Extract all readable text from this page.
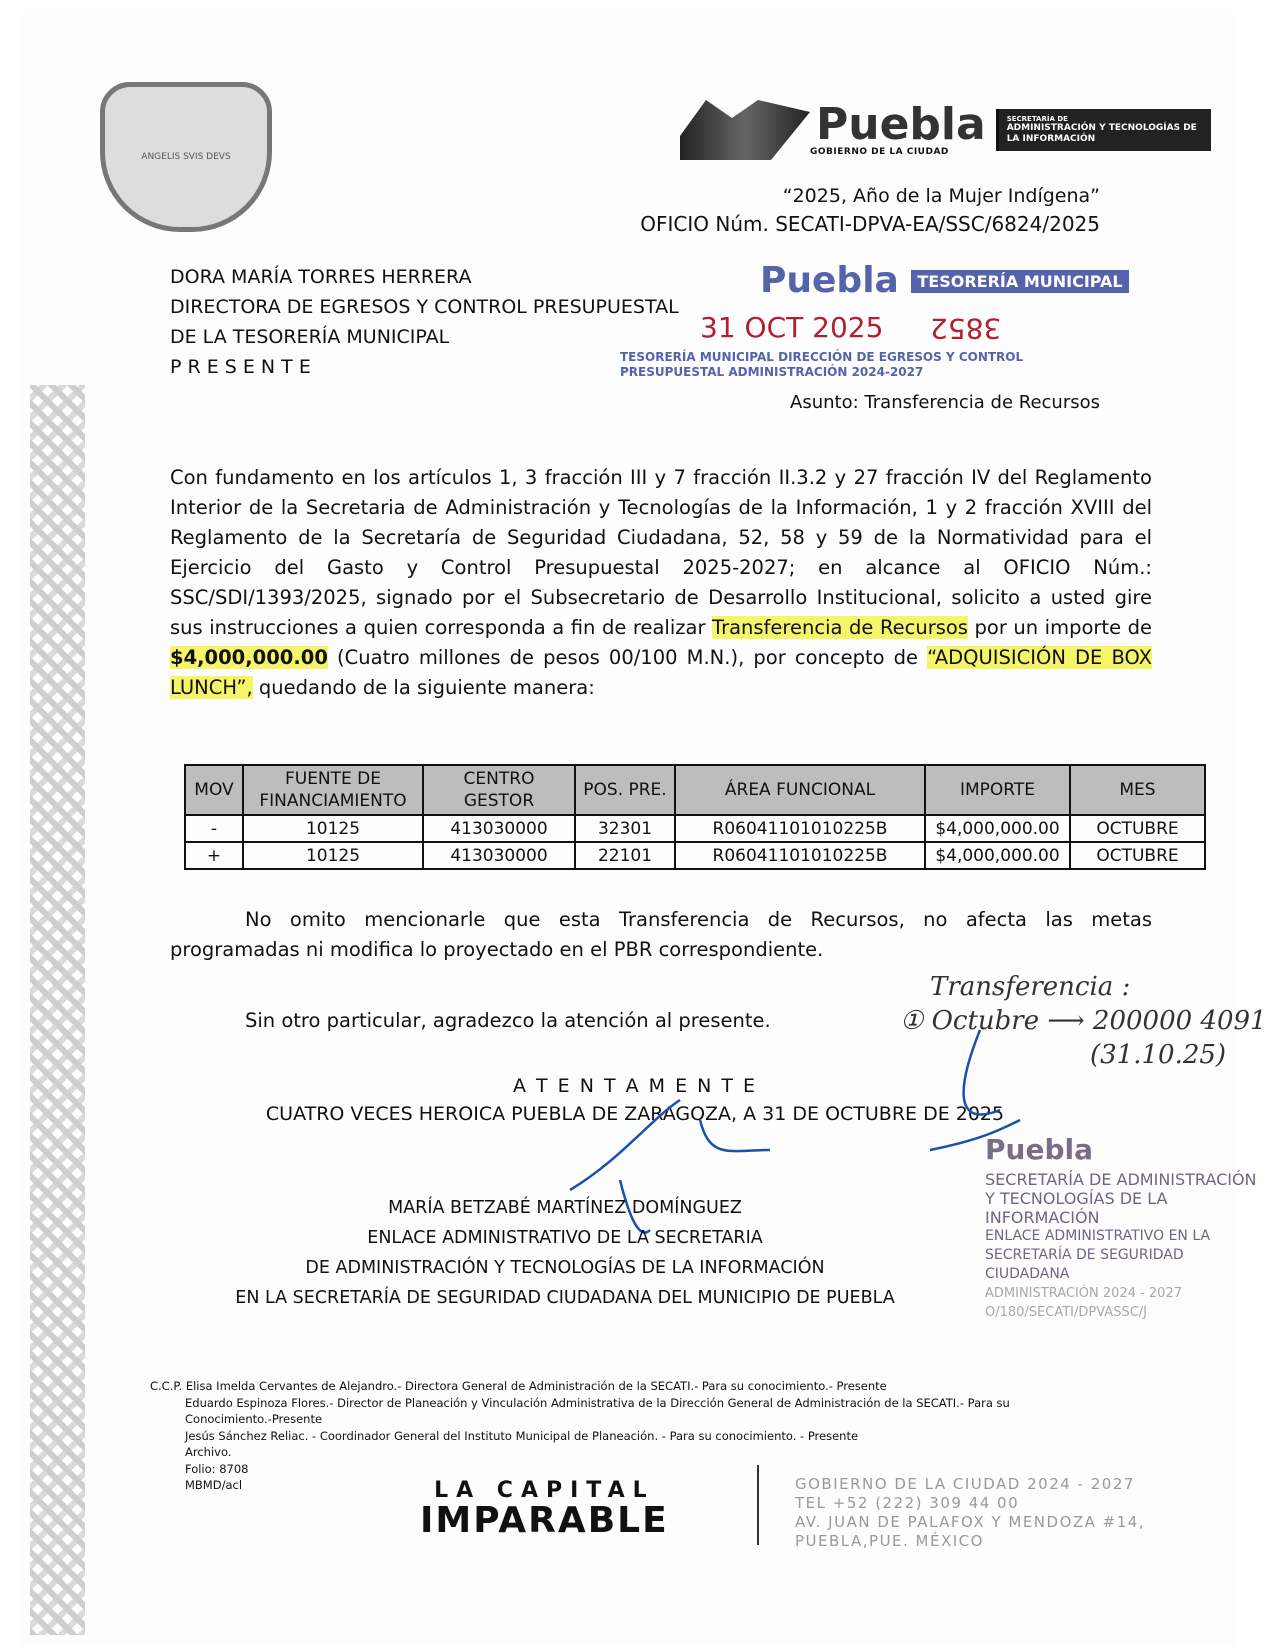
ANGELIS SVIS DEVS
Puebla
GOBIERNO DE LA CIUDAD
SECRETARÍA DE
ADMINISTRACIÓN Y TECNOLOGÍAS DE LA INFORMACIÓN
“2025, Año de la Mujer Indígena”
OFICIO Núm. SECATI-DPVA-EA/SSC/6824/2025
DORA MARÍA TORRES HERRERA
DIRECTORA DE EGRESOS Y CONTROL PRESUPUESTAL
DE LA TESORERÍA MUNICIPAL
P R E S E N T E
Puebla TESORERÍA MUNICIPAL
31 OCT 2025 3852
TESORERÍA MUNICIPAL DIRECCIÓN DE EGRESOS Y CONTROL PRESUPUESTAL ADMINISTRACIÓN 2024-2027
Asunto: Transferencia de Recursos
Con fundamento en los artículos 1, 3 fracción III y 7 fracción II.3.2 y 27 fracción IV del Reglamento Interior de la Secretaria de Administración y Tecnologías de la Información, 1 y 2 fracción XVIII del Reglamento de la Secretaría de Seguridad Ciudadana, 52, 58 y 59 de la Normatividad para el Ejercicio del Gasto y Control Presupuestal 2025-2027; en alcance al OFICIO Núm.: SSC/SDI/1393/2025, signado por el Subsecretario de Desarrollo Institucional, solicito a usted gire sus instrucciones a quien corresponda a fin de realizar Transferencia de Recursos por un importe de $4,000,000.00 (Cuatro millones de pesos 00/100 M.N.), por concepto de “ADQUISICIÓN DE BOX LUNCH”, quedando de la siguiente manera:
MOV	FUENTE DE FINANCIAMIENTO	CENTRO GESTOR	POS. PRE.	ÁREA FUNCIONAL	IMPORTE	MES
-	10125	413030000	32301	R06041101010225B	$4,000,000.00	OCTUBRE
+	10125	413030000	22101	R06041101010225B	$4,000,000.00	OCTUBRE
No omito mencionarle que esta Transferencia de Recursos, no afecta las metas programadas ni modifica lo proyectado en el PBR correspondiente.
Sin otro particular, agradezco la atención al presente.
Transferencia :
① Octubre ⟶ 200000 4091
(31.10.25)
A T E N T A M E N T E
CUATRO VECES HEROICA PUEBLA DE ZARAGOZA, A 31 DE OCTUBRE DE 2025
Puebla
SECRETARÍA DE ADMINISTRACIÓN
Y TECNOLOGÍAS DE LA INFORMACIÓN
ENLACE ADMINISTRATIVO EN LA
SECRETARÍA DE SEGURIDAD CIUDADANA
ADMINISTRACIÓN 2024 - 2027
O/180/SECATI/DPVASSC/J
MARÍA BETZABÉ MARTÍNEZ DOMÍNGUEZ
ENLACE ADMINISTRATIVO DE LA SECRETARIA
DE ADMINISTRACIÓN Y TECNOLOGÍAS DE LA INFORMACIÓN
EN LA SECRETARÍA DE SEGURIDAD CIUDADANA DEL MUNICIPIO DE PUEBLA
C.C.P. Elisa Imelda Cervantes de Alejandro.- Directora General de Administración de la SECATI.- Para su conocimiento.- Presente
Eduardo Espinoza Flores.- Director de Planeación y Vinculación Administrativa de la Dirección General de Administración de la SECATI.- Para su
Conocimiento.-Presente
Jesús Sánchez Reliac. - Coordinador General del Instituto Municipal de Planeación. - Para su conocimiento. - Presente
Archivo.
Folio: 8708
MBMD/acl	LA CAPITAL
IMPARABLE
GOBIERNO DE LA CIUDAD 2024 - 2027
TEL +52 (222) 309 44 00
AV. JUAN DE PALAFOX Y MENDOZA #14,
PUEBLA,PUE. MÉXICO
